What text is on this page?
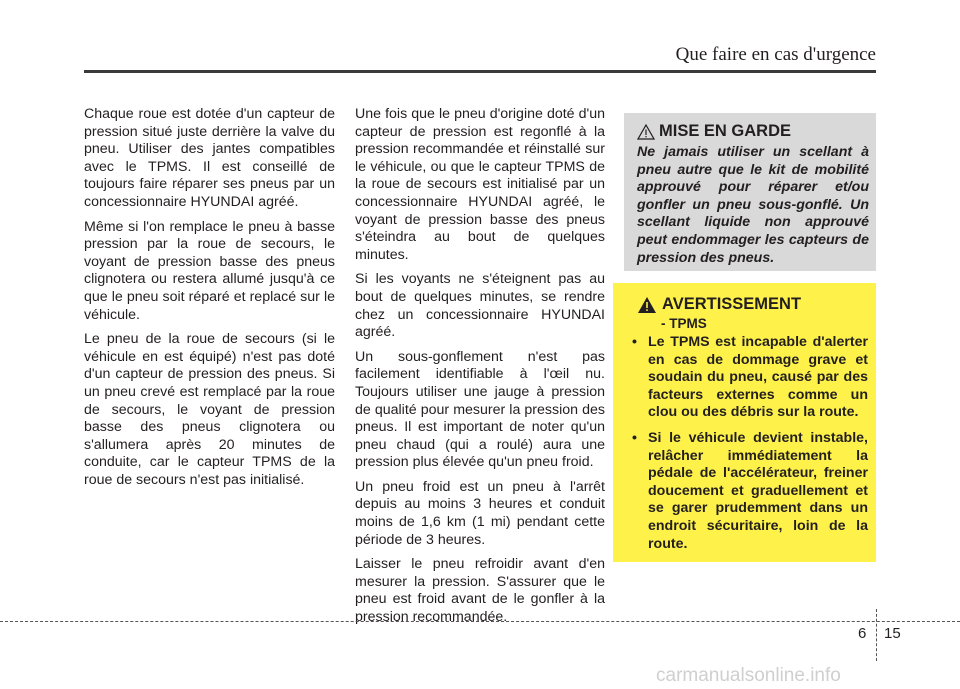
Que faire en cas d'urgence

Chaque roue est dotée d'un capteur de pression situé juste derrière la valve du pneu. Utiliser des jantes compatibles avec le TPMS. Il est conseillé de toujours faire réparer ses pneus par un concessionnaire HYUNDAI agréé.

Même si l'on remplace le pneu à basse pression par la roue de secours, le voyant de pression basse des pneus clignotera ou restera allumé jusqu'à ce que le pneu soit réparé et replacé sur le véhicule.

Le pneu de la roue de secours (si le véhicule en est équipé) n'est pas doté d'un capteur de pression des pneus. Si un pneu crevé est remplacé par la roue de secours, le voyant de pression basse des pneus clignotera ou s'allumera après 20 minutes de conduite, car le capteur TPMS de la roue de secours n'est pas initialisé.

Une fois que le pneu d'origine doté d'un capteur de pression est regonflé à la pression recommandée et réinstallé sur le véhicule, ou que le capteur TPMS de la roue de secours est initialisé par un concessionnaire HYUNDAI agréé, le voyant de pression basse des pneus s'éteindra au bout de quelques minutes.

Si les voyants ne s'éteignent pas au bout de quelques minutes, se rendre chez un concessionnaire HYUNDAI agréé.

Un sous-gonflement n'est pas facilement identifiable à l'œil nu. Toujours utiliser une jauge à pression de qualité pour mesurer la pression des pneus. Il est important de noter qu'un pneu chaud (qui a roulé) aura une pression plus élevée qu'un pneu froid.

Un pneu froid est un pneu à l'arrêt depuis au moins 3 heures et conduit moins de 1,6 km (1 mi) pendant cette période de 3 heures.

Laisser le pneu refroidir avant d'en mesurer la pression. S'assurer que le pneu est froid avant de le gonfler à la pression recommandée.

MISE EN GARDE
Ne jamais utiliser un scellant à pneu autre que le kit de mobilité approuvé pour réparer et/ou gonfler un pneu sous-gonflé. Un scellant liquide non approuvé peut endommager les capteurs de pression des pneus.
AVERTISSEMENT
- TPMS
• Le TPMS est incapable d'alerter en cas de dommage grave et soudain du pneu, causé par des facteurs externes comme un clou ou des débris sur la route.
• Si le véhicule devient instable, relâcher immédiatement la pédale de l'accélérateur, freiner doucement et graduellement et se garer prudemment dans un endroit sécuritaire, loin de la route.
6 15
carmanualsonline.info
